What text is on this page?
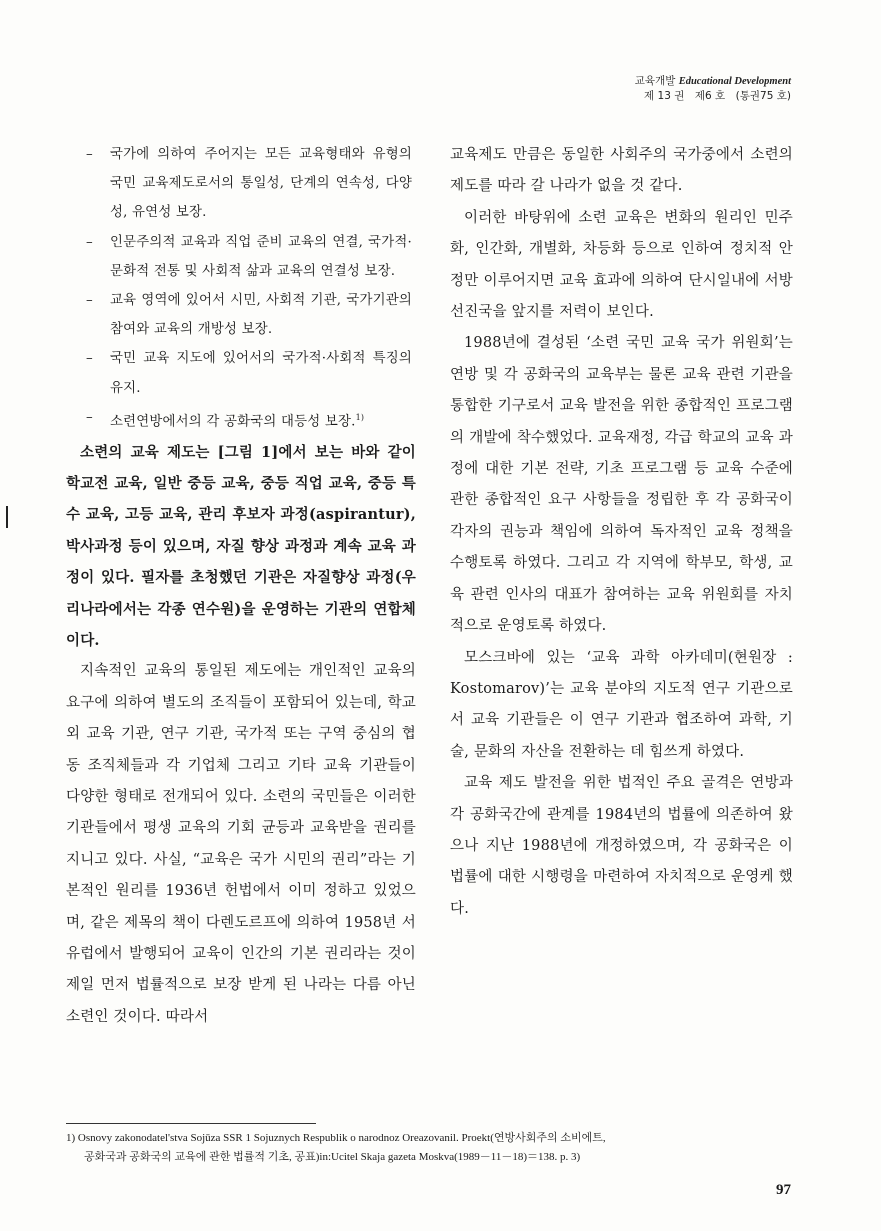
교육개발 Educational Development
제 13 권　제6 호　(통권75 호)
–	국가에 의하여 주어지는 모든 교육형태와 유형의 국민 교육제도로서의 통일성, 단계의 연속성, 다양성, 유연성 보장.
–	인문주의적 교육과 직업 준비 교육의 연결, 국가적·문화적 전통 및 사회적 삶과 교육의 연결성 보장.
–	교육 영역에 있어서 시민, 사회적 기관, 국가기관의 참여와 교육의 개방성 보장.
–	국민 교육 지도에 있어서의 국가적·사회적 특징의 유지.
–	소련연방에서의 각 공화국의 대등성 보장.$^{1)}$

소련의 교육 제도는 [그림 1]에서 보는 바와 같이 학교전 교육, 일반 중등 교육, 중등 직업 교육, 중등 특수 교육, 고등 교육, 관리 후보자 과정(aspirantur), 박사과정 등이 있으며, 자질 향상 과정과 계속 교육 과정이 있다. 필자를 초청했던 기관은 자질향상 과정(우리나라에서는 각종 연수원)을 운영하는 기관의 연합체이다.

지속적인 교육의 통일된 제도에는 개인적인 교육의 요구에 의하여 별도의 조직들이 포함되어 있는데, 학교외 교육 기관, 연구 기관, 국가적 또는 구역 중심의 협동 조직체들과 각 기업체 그리고 기타 교육 기관들이 다양한 형태로 전개되어 있다. 소련의 국민들은 이러한 기관들에서 평생 교육의 기회 균등과 교육받을 권리를 지니고 있다. 사실, “교육은 국가 시민의 권리”라는 기본적인 원리를 1936년 헌법에서 이미 정하고 있었으며, 같은 제목의 책이 다렌도르프에 의하여 1958년 서유럽에서 발행되어 교육이 인간의 기본 권리라는 것이 제일 먼저 법률적으로 보장 받게 된 나라는 다름 아닌 소련인 것이다. 따라서

교육제도 만큼은 동일한 사회주의 국가중에서 소련의 제도를 따라 갈 나라가 없을 것 같다.

이러한 바탕위에 소련 교육은 변화의 원리인 민주화, 인간화, 개별화, 차등화 등으로 인하여 정치적 안정만 이루어지면 교육 효과에 의하여 단시일내에 서방 선진국을 앞지를 저력이 보인다.

1988년에 결성된 ‘소련 국민 교육 국가 위원회’는 연방 및 각 공화국의 교육부는 물론 교육 관련 기관을 통합한 기구로서 교육 발전을 위한 종합적인 프로그램의 개발에 착수했었다. 교육재정, 각급 학교의 교육 과정에 대한 기본 전략, 기초 프로그램 등 교육 수준에 관한 종합적인 요구 사항들을 정립한 후 각 공화국이 각자의 권능과 책임에 의하여 독자적인 교육 정책을 수행토록 하였다. 그리고 각 지역에 학부모, 학생, 교육 관련 인사의 대표가 참여하는 교육 위원회를 자치적으로 운영토록 하였다.

모스크바에 있는 ‘교육 과학 아카데미(현원장 : Kostomarov)’는 교육 분야의 지도적 연구 기관으로서 교육 기관들은 이 연구 기관과 협조하여 과학, 기술, 문화의 자산을 전환하는 데 힘쓰게 하였다.

교육 제도 발전을 위한 법적인 주요 골격은 연방과 각 공화국간에 관계를 1984년의 법률에 의존하여 왔으나 지난 1988년에 개정하였으며, 각 공화국은 이 법률에 대한 시행령을 마련하여 자치적으로 운영케 했다.

1) Osnovy zakonodatel'stva Sojūza SSR 1 Sojuznych Respublik o narodnoz Oreazovanil. Proekt(연방사회주의 소비에트,
공화국과 공화국의 교육에 관한 법률적 기초, 공표)in:Ucitel Skaja gazeta Moskva(1989－11－18)＝138. p. 3)
97
